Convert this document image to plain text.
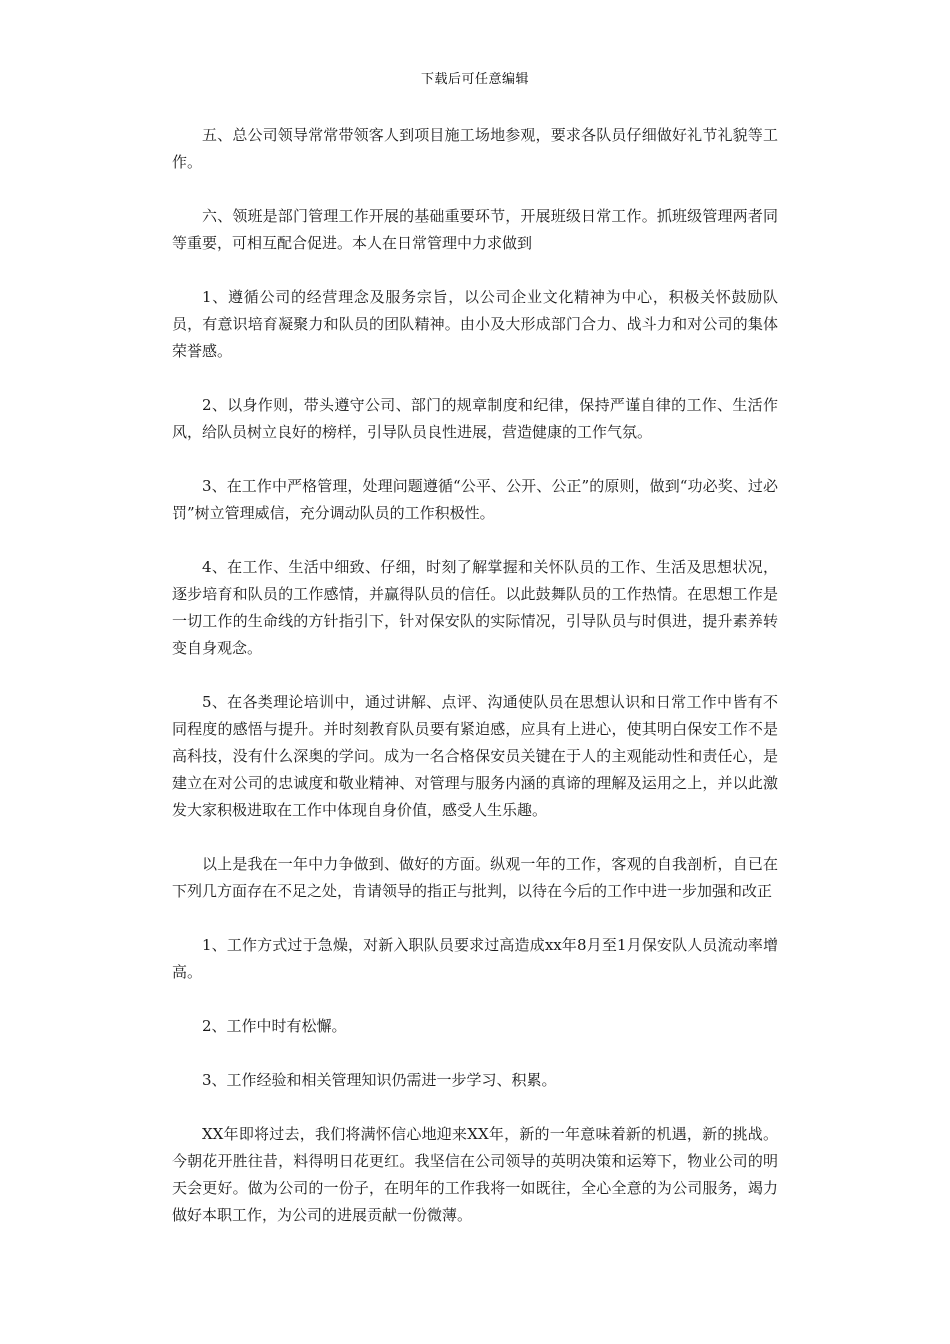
下载后可任意编辑

五、总公司领导常常带领客人到项目施工场地参观，要求各队员仔细做好礼节礼貌等工作。

六、领班是部门管理工作开展的基础重要环节，开展班级日常工作。抓班级管理两者同等重要，可相互配合促进。本人在日常管理中力求做到

1、遵循公司的经营理念及服务宗旨，以公司企业文化精神为中心，积极关怀鼓励队员，有意识培育凝聚力和队员的团队精神。由小及大形成部门合力、战斗力和对公司的集体荣誉感。

2、以身作则，带头遵守公司、部门的规章制度和纪律，保持严谨自律的工作、生活作风，给队员树立良好的榜样，引导队员良性进展，营造健康的工作气氛。

3、在工作中严格管理，处理问题遵循“公平、公开、公正”的原则，做到“功必奖、过必罚”树立管理威信，充分调动队员的工作积极性。

4、在工作、生活中细致、仔细，时刻了解掌握和关怀队员的工作、生活及思想状况，逐步培育和队员的工作感情，并赢得队员的信任。以此鼓舞队员的工作热情。在思想工作是一切工作的生命线的方针指引下，针对保安队的实际情况，引导队员与时俱进，提升素养转变自身观念。

5、在各类理论培训中，通过讲解、点评、沟通使队员在思想认识和日常工作中皆有不同程度的感悟与提升。并时刻教育队员要有紧迫感，应具有上进心，使其明白保安工作不是高科技，没有什么深奥的学问。成为一名合格保安员关键在于人的主观能动性和责任心，是建立在对公司的忠诚度和敬业精神、对管理与服务内涵的真谛的理解及运用之上，并以此激发大家积极进取在工作中体现自身价值，感受人生乐趣。

以上是我在一年中力争做到、做好的方面。纵观一年的工作，客观的自我剖析，自已在下列几方面存在不足之处，肯请领导的指正与批判，以待在今后的工作中进一步加强和改正

1、工作方式过于急燥，对新入职队员要求过高造成xx年8月至1月保安队人员流动率增高。

2、工作中时有松懈。

3、工作经验和相关管理知识仍需进一步学习、积累。

XX年即将过去，我们将满怀信心地迎来XX年，新的一年意味着新的机遇，新的挑战。今朝花开胜往昔，料得明日花更红。我坚信在公司领导的英明决策和运筹下，物业公司的明天会更好。做为公司的一份子，在明年的工作我将一如既往，全心全意的为公司服务，竭力做好本职工作，为公司的进展贡献一份微薄。
